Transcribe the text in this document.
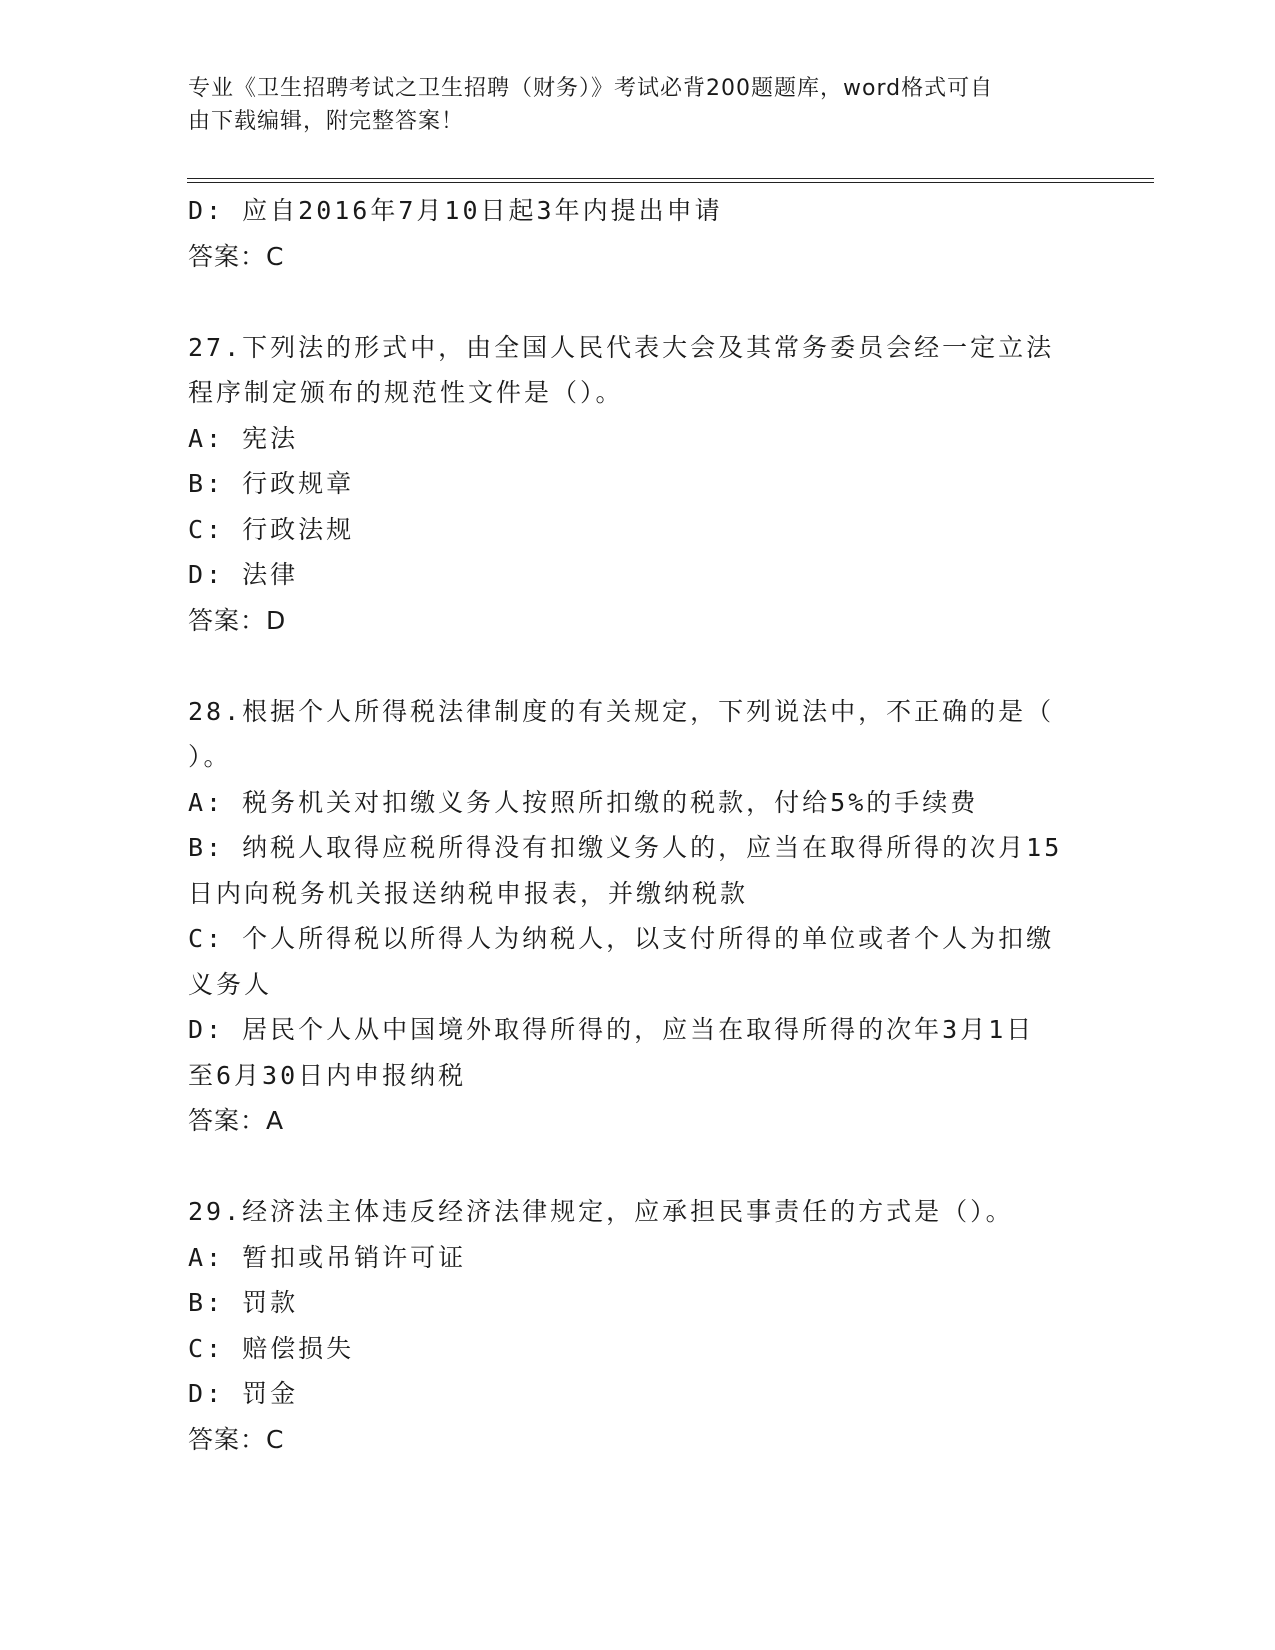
专业《卫生招聘考试之卫生招聘（财务）》考试必背200题题库，word格式可自
由下载编辑，附完整答案！

D: 应自2016年7月10日起3年内提出申请

答案：C

27.下列法的形式中，由全国人民代表大会及其常务委员会经一定立法

程序制定颁布的规范性文件是（）。

A: 宪法

B: 行政规章

C: 行政法规

D: 法律

答案：D

28.根据个人所得税法律制度的有关规定，下列说法中，不正确的是（

）。

A: 税务机关对扣缴义务人按照所扣缴的税款，付给5%的手续费

B: 纳税人取得应税所得没有扣缴义务人的，应当在取得所得的次月15

日内向税务机关报送纳税申报表，并缴纳税款

C: 个人所得税以所得人为纳税人，以支付所得的单位或者个人为扣缴

义务人

D: 居民个人从中国境外取得所得的，应当在取得所得的次年3月1日

至6月30日内申报纳税

答案：A

29.经济法主体违反经济法律规定，应承担民事责任的方式是（）。

A: 暂扣或吊销许可证

B: 罚款

C: 赔偿损失

D: 罚金

答案：C
